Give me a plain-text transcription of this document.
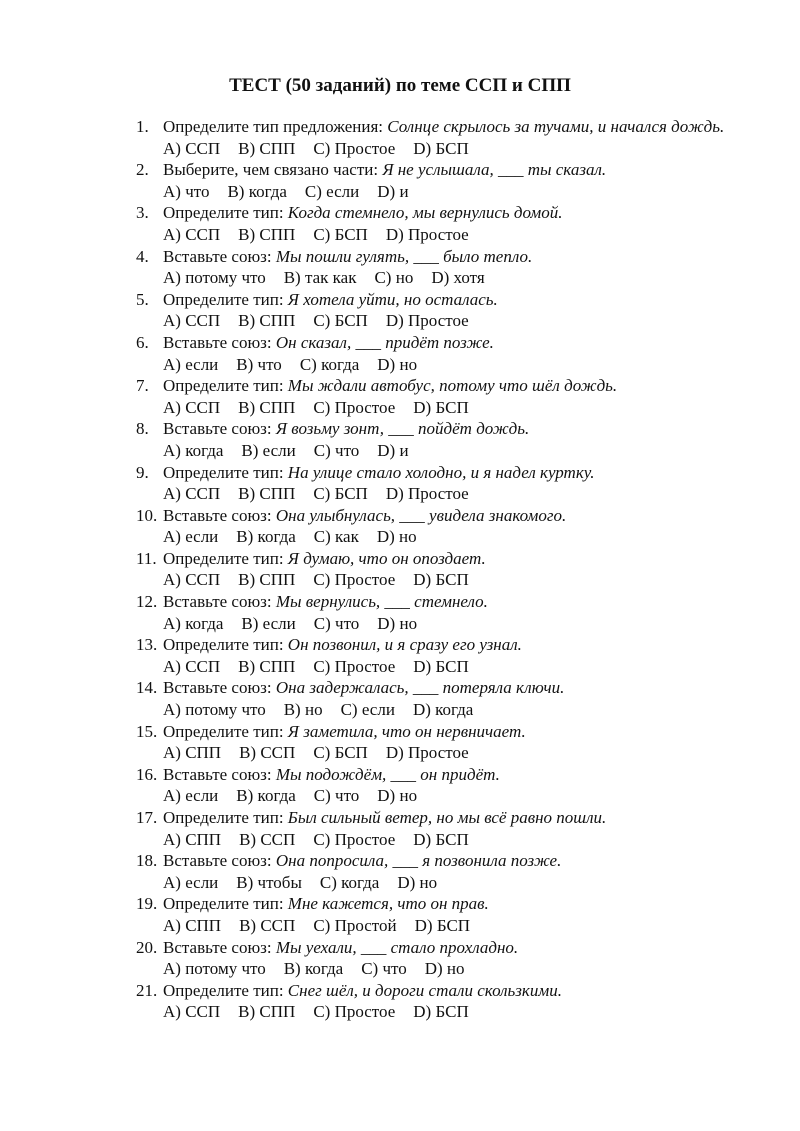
ТЕСТ (50 заданий) по теме ССП и СПП
1. Определите тип предложения: Солнце скрылось за тучами, и начался дождь.
A) ССП B) СПП C) Простое D) БСП
2. Выберите, чем связано части: Я не услышала, ___ ты сказал.
A) что B) когда C) если D) и
3. Определите тип: Когда стемнело, мы вернулись домой.
A) ССП B) СПП C) БСП D) Простое
4. Вставьте союз: Мы пошли гулять, ___ было тепло.
A) потому что B) так как C) но D) хотя
5. Определите тип: Я хотела уйти, но осталась.
A) ССП B) СПП C) БСП D) Простое
6. Вставьте союз: Он сказал, ___ придёт позже.
A) если B) что C) когда D) но
7. Определите тип: Мы ждали автобус, потому что шёл дождь.
A) ССП B) СПП C) Простое D) БСП
8. Вставьте союз: Я возьму зонт, ___ пойдёт дождь.
A) когда B) если C) что D) и
9. Определите тип: На улице стало холодно, и я надел куртку.
A) ССП B) СПП C) БСП D) Простое
10. Вставьте союз: Она улыбнулась, ___ увидела знакомого.
A) если B) когда C) как D) но
11. Определите тип: Я думаю, что он опоздает.
A) ССП B) СПП C) Простое D) БСП
12. Вставьте союз: Мы вернулись, ___ стемнело.
A) когда B) если C) что D) но
13. Определите тип: Он позвонил, и я сразу его узнал.
A) ССП B) СПП C) Простое D) БСП
14. Вставьте союз: Она задержалась, ___ потеряла ключи.
A) потому что B) но C) если D) когда
15. Определите тип: Я заметила, что он нервничает.
A) СПП B) ССП C) БСП D) Простое
16. Вставьте союз: Мы подождём, ___ он придёт.
A) если B) когда C) что D) но
17. Определите тип: Был сильный ветер, но мы всё равно пошли.
A) СПП B) ССП C) Простое D) БСП
18. Вставьте союз: Она попросила, ___ я позвонила позже.
A) если B) чтобы C) когда D) но
19. Определите тип: Мне кажется, что он прав.
A) СПП B) ССП C) Простой D) БСП
20. Вставьте союз: Мы уехали, ___ стало прохладно.
A) потому что B) когда C) что D) но
21. Определите тип: Снег шёл, и дороги стали скользкими.
A) ССП B) СПП C) Простое D) БСП
